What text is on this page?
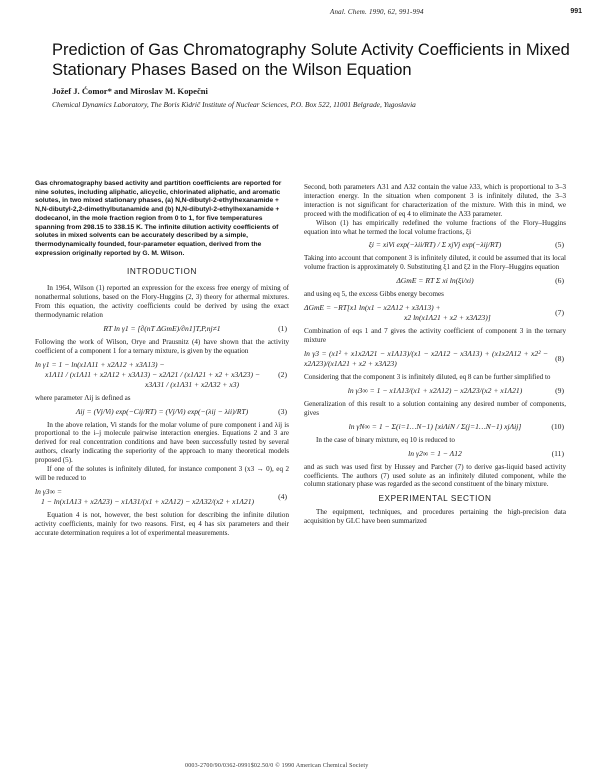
Anal. Chem. 1990, 62, 991-994	991
Prediction of Gas Chromatography Solute Activity Coefficients in Mixed Stationary Phases Based on the Wilson Equation
Jožef J. Ćomor* and Miroslav M. Kopečni
Chemical Dynamics Laboratory, The Boris Kidrič Institute of Nuclear Sciences, P.O. Box 522, 11001 Belgrade, Yugoslavia
Gas chromatography based activity and partition coefficients are reported for nine solutes, including aliphatic, alicyclic, chlorinated aliphatic, and aromatic solutes, in two mixed stationary phases, (a) N,N-dibutyl-2-ethylhexanamide + N,N-dibutyl-2,2-dimethylbutanamide and (b) N,N-dibutyl-2-ethylhexanamide + dodecanol, in the mole fraction region from 0 to 1, for five temperatures spanning from 298.15 to 338.15 K. The infinite dilution activity coefficients of solutes in mixed solvents can be accurately described by a simple, thermodynamically founded, four-parameter equation, derived from the expression originally reported by G. M. Wilson.
INTRODUCTION
In 1964, Wilson (1) reported an expression for the excess free energy of mixing of nonathermal solutions, based on the Flory-Huggins (2, 3) theory for athermal mixtures. From this equation, the activity coefficients could be derived by using the exact thermodynamic relation
RT ln γ1 = [∂(nT ΔGmE)/∂n1]T,P,nj≠1	(1)
Following the work of Wilson, Orye and Prausnitz (4) have shown that the activity coefficient of a component 1 for a ternary mixture, is given by the equation
ln γ1 = 1 − ln(x1Λ11 + x2Λ12 + x3Λ13) −
x1Λ11 / (x1Λ11 + x2Λ12 + x3Λ13) − x2Λ21 / (x1Λ21 + x2 + x3Λ23) −
x3Λ31 / (x1Λ31 + x2Λ32 + x3)
(2)
where parameter Λij is defined as
Λij = (Vj/Vi) exp(−Cij/RT) = (Vj/Vi) exp(−(λij − λii)/RT)	(3)
In the above relation, Vi stands for the molar volume of pure component i and λij is proportional to the i–j molecule pairwise interaction energies. Equations 2 and 3 are derived for real concentration conditions and have been successfully tested by several authors, clearly indicating the superiority of the approach to many theoretical models proposed (5).
If one of the solutes is infinitely diluted, for instance component 3 (x3 → 0), eq 2 will be reduced to
ln γ3∞ =
1 − ln(x1Λ13 + x2Λ23) − x1Λ31/(x1 + x2Λ12) − x2Λ32/(x2 + x1Λ21)
(4)
Equation 4 is not, however, the best solution for describing the infinite dilution activity coefficients, mainly for two reasons. First, eq 4 has six parameters and their accurate determination requires a lot of experimental measurements.
Second, both parameters Λ31 and Λ32 contain the value λ33, which is proportional to 3–3 interaction energy. In the situation when component 3 is infinitely diluted, the 3–3 interaction is not significant for characterization of the mixture. With this in mind, we proceed with the modification of eq 4 to eliminate the Λ33 parameter.
Wilson (1) has empirically redefined the volume fractions of the Flory–Huggins equation into what he termed the local volume fractions, ξi
ξi = xiVi exp(−λii/RT) / Σ xjVj exp(−λij/RT)	(5)
Taking into account that component 3 is infinitely diluted, it could be assumed that its local volume fraction is approximately 0. Substituting ξ1 and ξ2 in the Flory–Huggins equation
ΔGmE = RT Σ xi ln(ξi/xi)	(6)
and using eq 5, the excess Gibbs energy becomes
ΔGmE = −RT[x1 ln(x1 − x2Λ12 + x3Λ13) +
x2 ln(x1Λ21 + x2 + x3Λ23)]
(7)
Combination of eqs 1 and 7 gives the activity coefficient of component 3 in the ternary mixture
ln γ3 = (x1² + x1x2Λ21 − x1Λ13)/(x1 − x2Λ12 − x3Λ13) + (x1x2Λ12 + x2² − x2Λ23)/(x1Λ21 + x2 + x3Λ23)
(8)
Considering that the component 3 is infinitely diluted, eq 8 can be further simplified to
ln γ3∞ = 1 − x1Λ13/(x1 + x2Λ12) − x2Λ23/(x2 + x1Λ21)	(9)
Generalization of this result to a solution containing any desired number of components, gives
ln γN∞ = 1 − Σ(i=1…N−1) [xiΛiN / Σ(j=1…N−1) xjΛij]	(10)
In the case of binary mixture, eq 10 is reduced to
ln γ2∞ = 1 − Λ12	(11)
and as such was used first by Hussey and Parcher (7) to derive gas-liquid based activity coefficients. The authors (7) used solute as an infinitely diluted component, while the column stationary phase was regarded as the second constituent of the binary mixture.
EXPERIMENTAL SECTION
The equipment, techniques, and procedures pertaining the high-precision data acquisition by GLC have been summarized
0003-2700/90/0362-0991$02.50/0 © 1990 American Chemical Society
